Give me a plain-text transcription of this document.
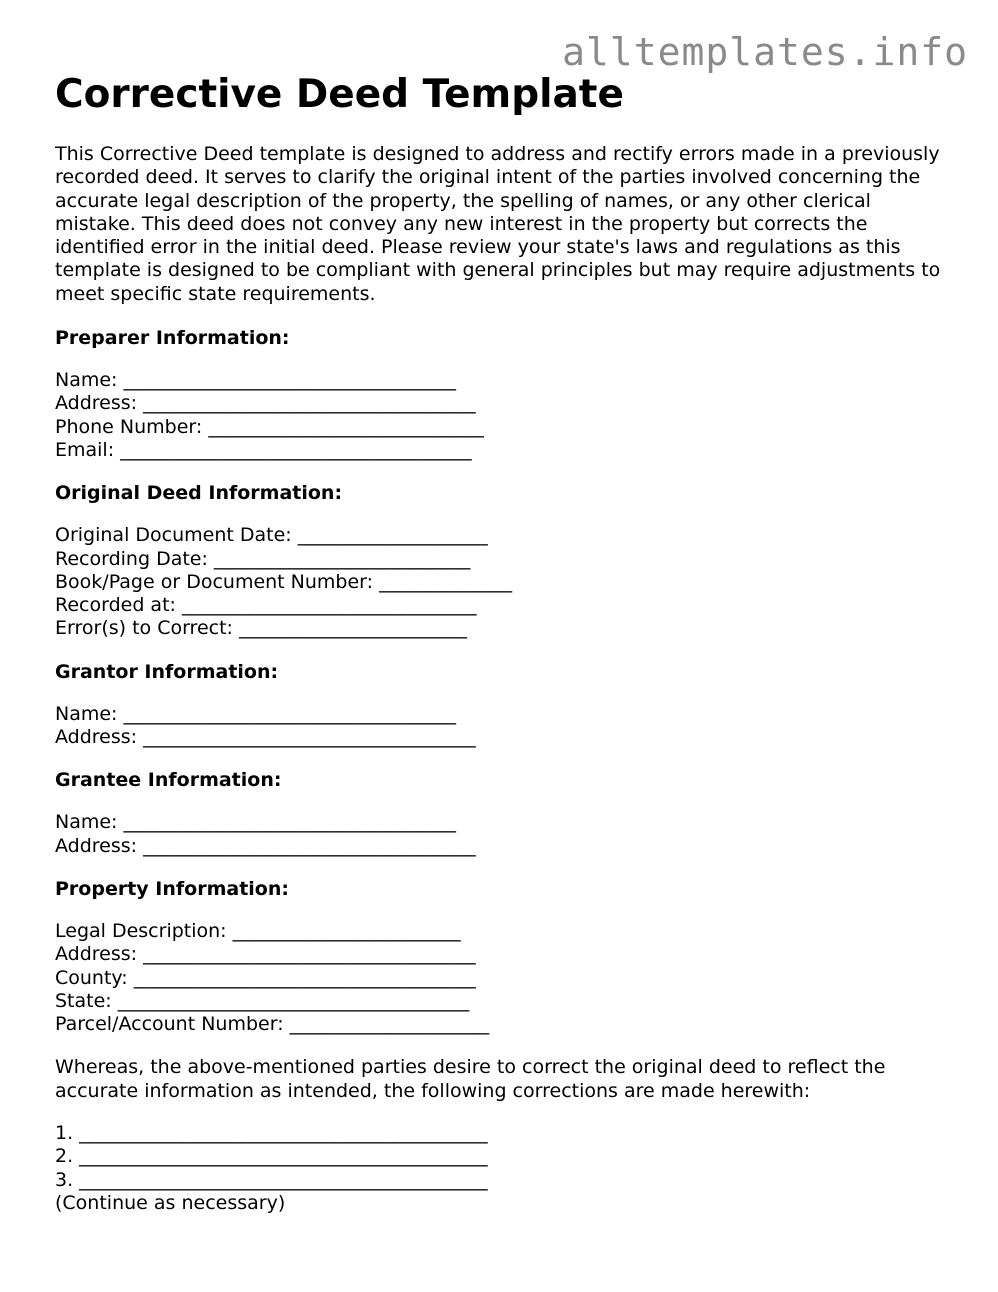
alltemplates.info
Corrective Deed Template

This Corrective Deed template is designed to address and rectify errors made in a previously recorded deed. It serves to clarify the original intent of the parties involved concerning the accurate legal description of the property, the spelling of names, or any other clerical mistake. This deed does not convey any new interest in the property but corrects the identified error in the initial deed. Please review your state's laws and regulations as this template is designed to be compliant with general principles but may require adjustments to meet specific state requirements.

Preparer Information:
Name: ___________________________________
Address: ___________________________________
Phone Number: _____________________________
Email: _____________________________________
Original Deed Information:
Original Document Date: ____________________
Recording Date: ___________________________
Book/Page or Document Number: ______________
Recorded at: _______________________________
Error(s) to Correct: ________________________
Grantor Information:
Name: ___________________________________
Address: ___________________________________
Grantee Information:
Name: ___________________________________
Address: ___________________________________
Property Information:
Legal Description: ________________________
Address: ___________________________________
County: ____________________________________
State: _____________________________________
Parcel/Account Number: _____________________

Whereas, the above-mentioned parties desire to correct the original deed to reflect the accurate information as intended, the following corrections are made herewith:

1. ___________________________________________
2. ___________________________________________
3. ___________________________________________
(Continue as necessary)
